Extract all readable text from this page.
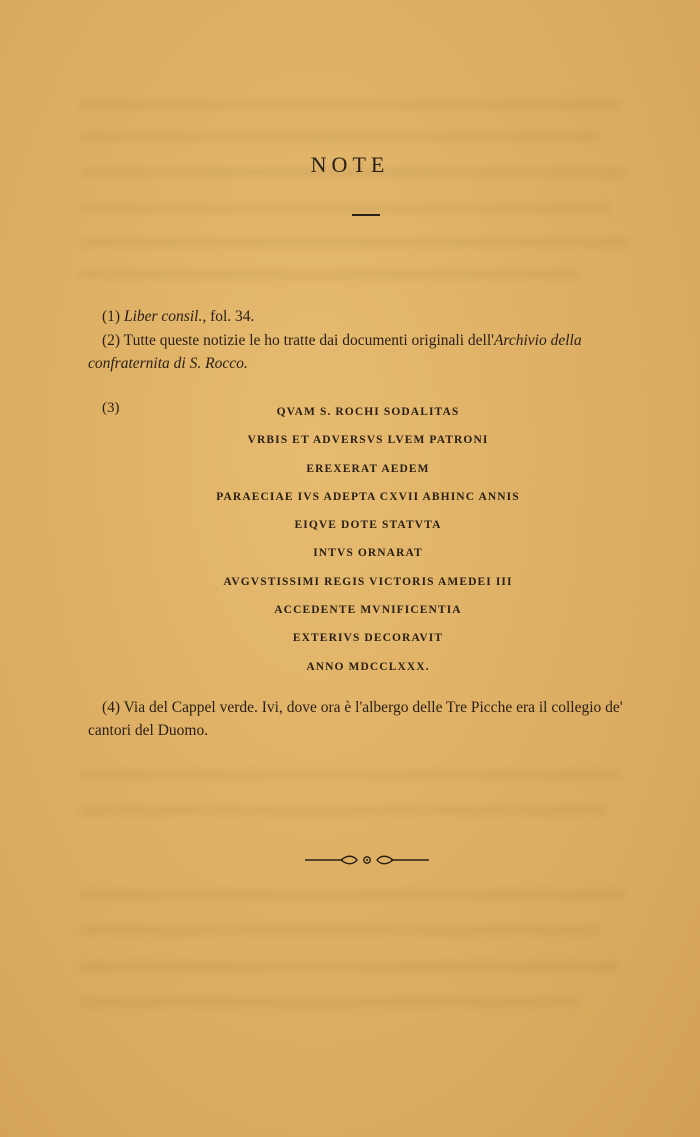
NOTE
(1) Liber consil., fol. 34.
(2) Tutte queste notizie le ho tratte dai documenti originali dell'Archivio della confraternita di S. Rocco.
(3)	QVAM S. ROCHI SODALITAS
VRBIS ET ADVERSVS LVEM PATRONI
EREXERAT AEDEM
PARAECIAE IVS ADEPTA CXVII ABHINC ANNIS
EIQVE DOTE STATVTA
INTVS ORNARAT
AVGVSTISSIMI REGIS VICTORIS AMEDEI III
ACCEDENTE MVNIFICENTIA
EXTERIVS DECORAVIT
ANNO MDCCLXXX.
(4) Via del Cappel verde. Ivi, dove ora è l'albergo delle Tre Picche era il collegio de' cantori del Duomo.
